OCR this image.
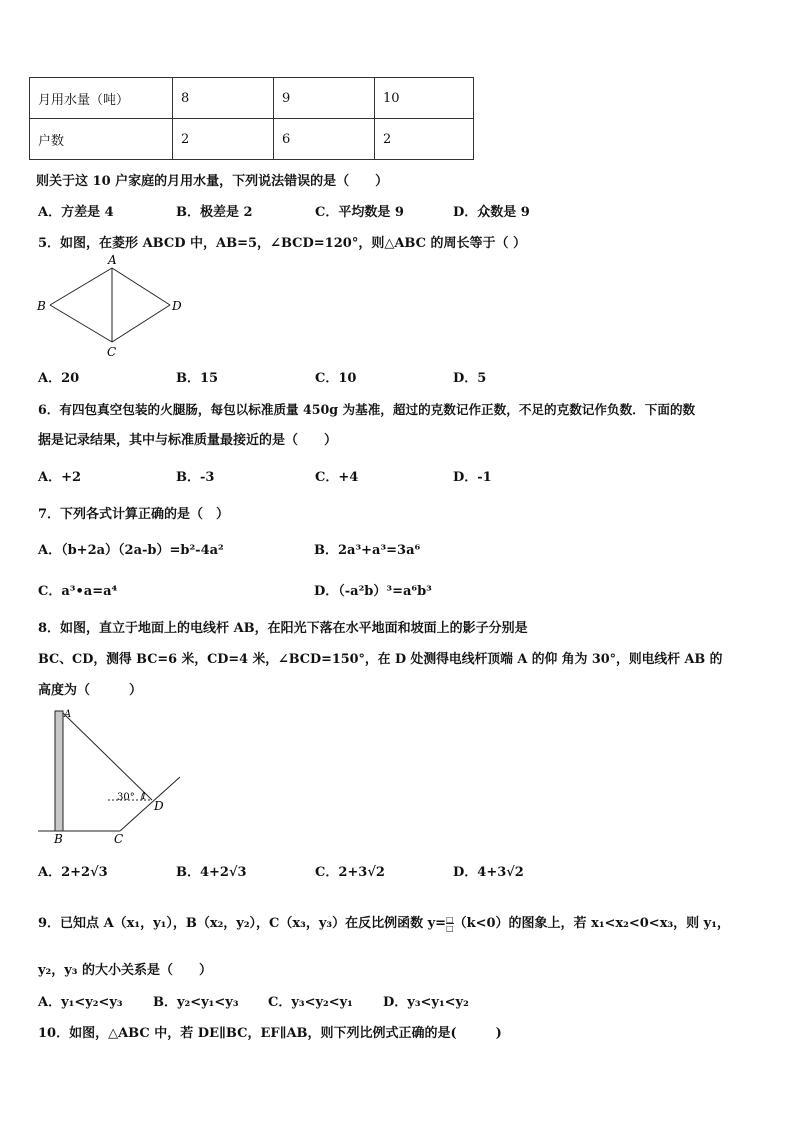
月用水量（吨）	8	9	10
户数	2	6	2
则关于这 10 户家庭的月用水量，下列说法错误的是（　　）
A．方差是 4	B．极差是 2	C．平均数是 9	D．众数是 9
5．如图，在菱形 ABCD 中，AB=5，∠BCD=120°，则△ABC 的周长等于（ ）
A
B	D
C
A．20	B．15	C．10	D．5
6．有四包真空包装的火腿肠，每包以标准质量 450g 为基准，超过的克数记作正数，不足的克数记作负数．下面的数
据是记录结果，其中与标准质量最接近的是（　　）
A．+2	B．-3	C．+4	D．-1
7．下列各式计算正确的是（　）
A．（b+2a）（2a-b）=b²-4a²	B．2a³+a³=3a⁶
C．a³•a=a⁴	D．（-a²b）³=a⁶b³
8．如图，直立于地面上的电线杆 AB，在阳光下落在水平地面和坡面上的影子分别是
BC、CD，测得 BC=6 米，CD=4 米，∠BCD=150°，在 D 处测得电线杆顶端 A 的仰 角为 30°，则电线杆 AB 的
高度为（　　　）
A
B	C
D
30° 1
A．2+2√3	B．4+2√3	C．2+3√2	D．4+3√2
9．已知点 A（x₁，y₁），B（x₂，y₂），C（x₃，y₃）在反比例函数 $y= \frac{□}{□} (k<0)$的图象上，若 x₁<x₂<0<x₃，则 y₁，
y₂，y₃ 的大小关系是（　　）
A．y₁<y₂<y₃ B．y₂<y₁<y₃ C．y₃<y₂<y₁ D．y₃<y₁<y₂
10．如图，△ABC 中，若 DE∥BC，EF∥AB，则下列比例式正确的是(　　　)
